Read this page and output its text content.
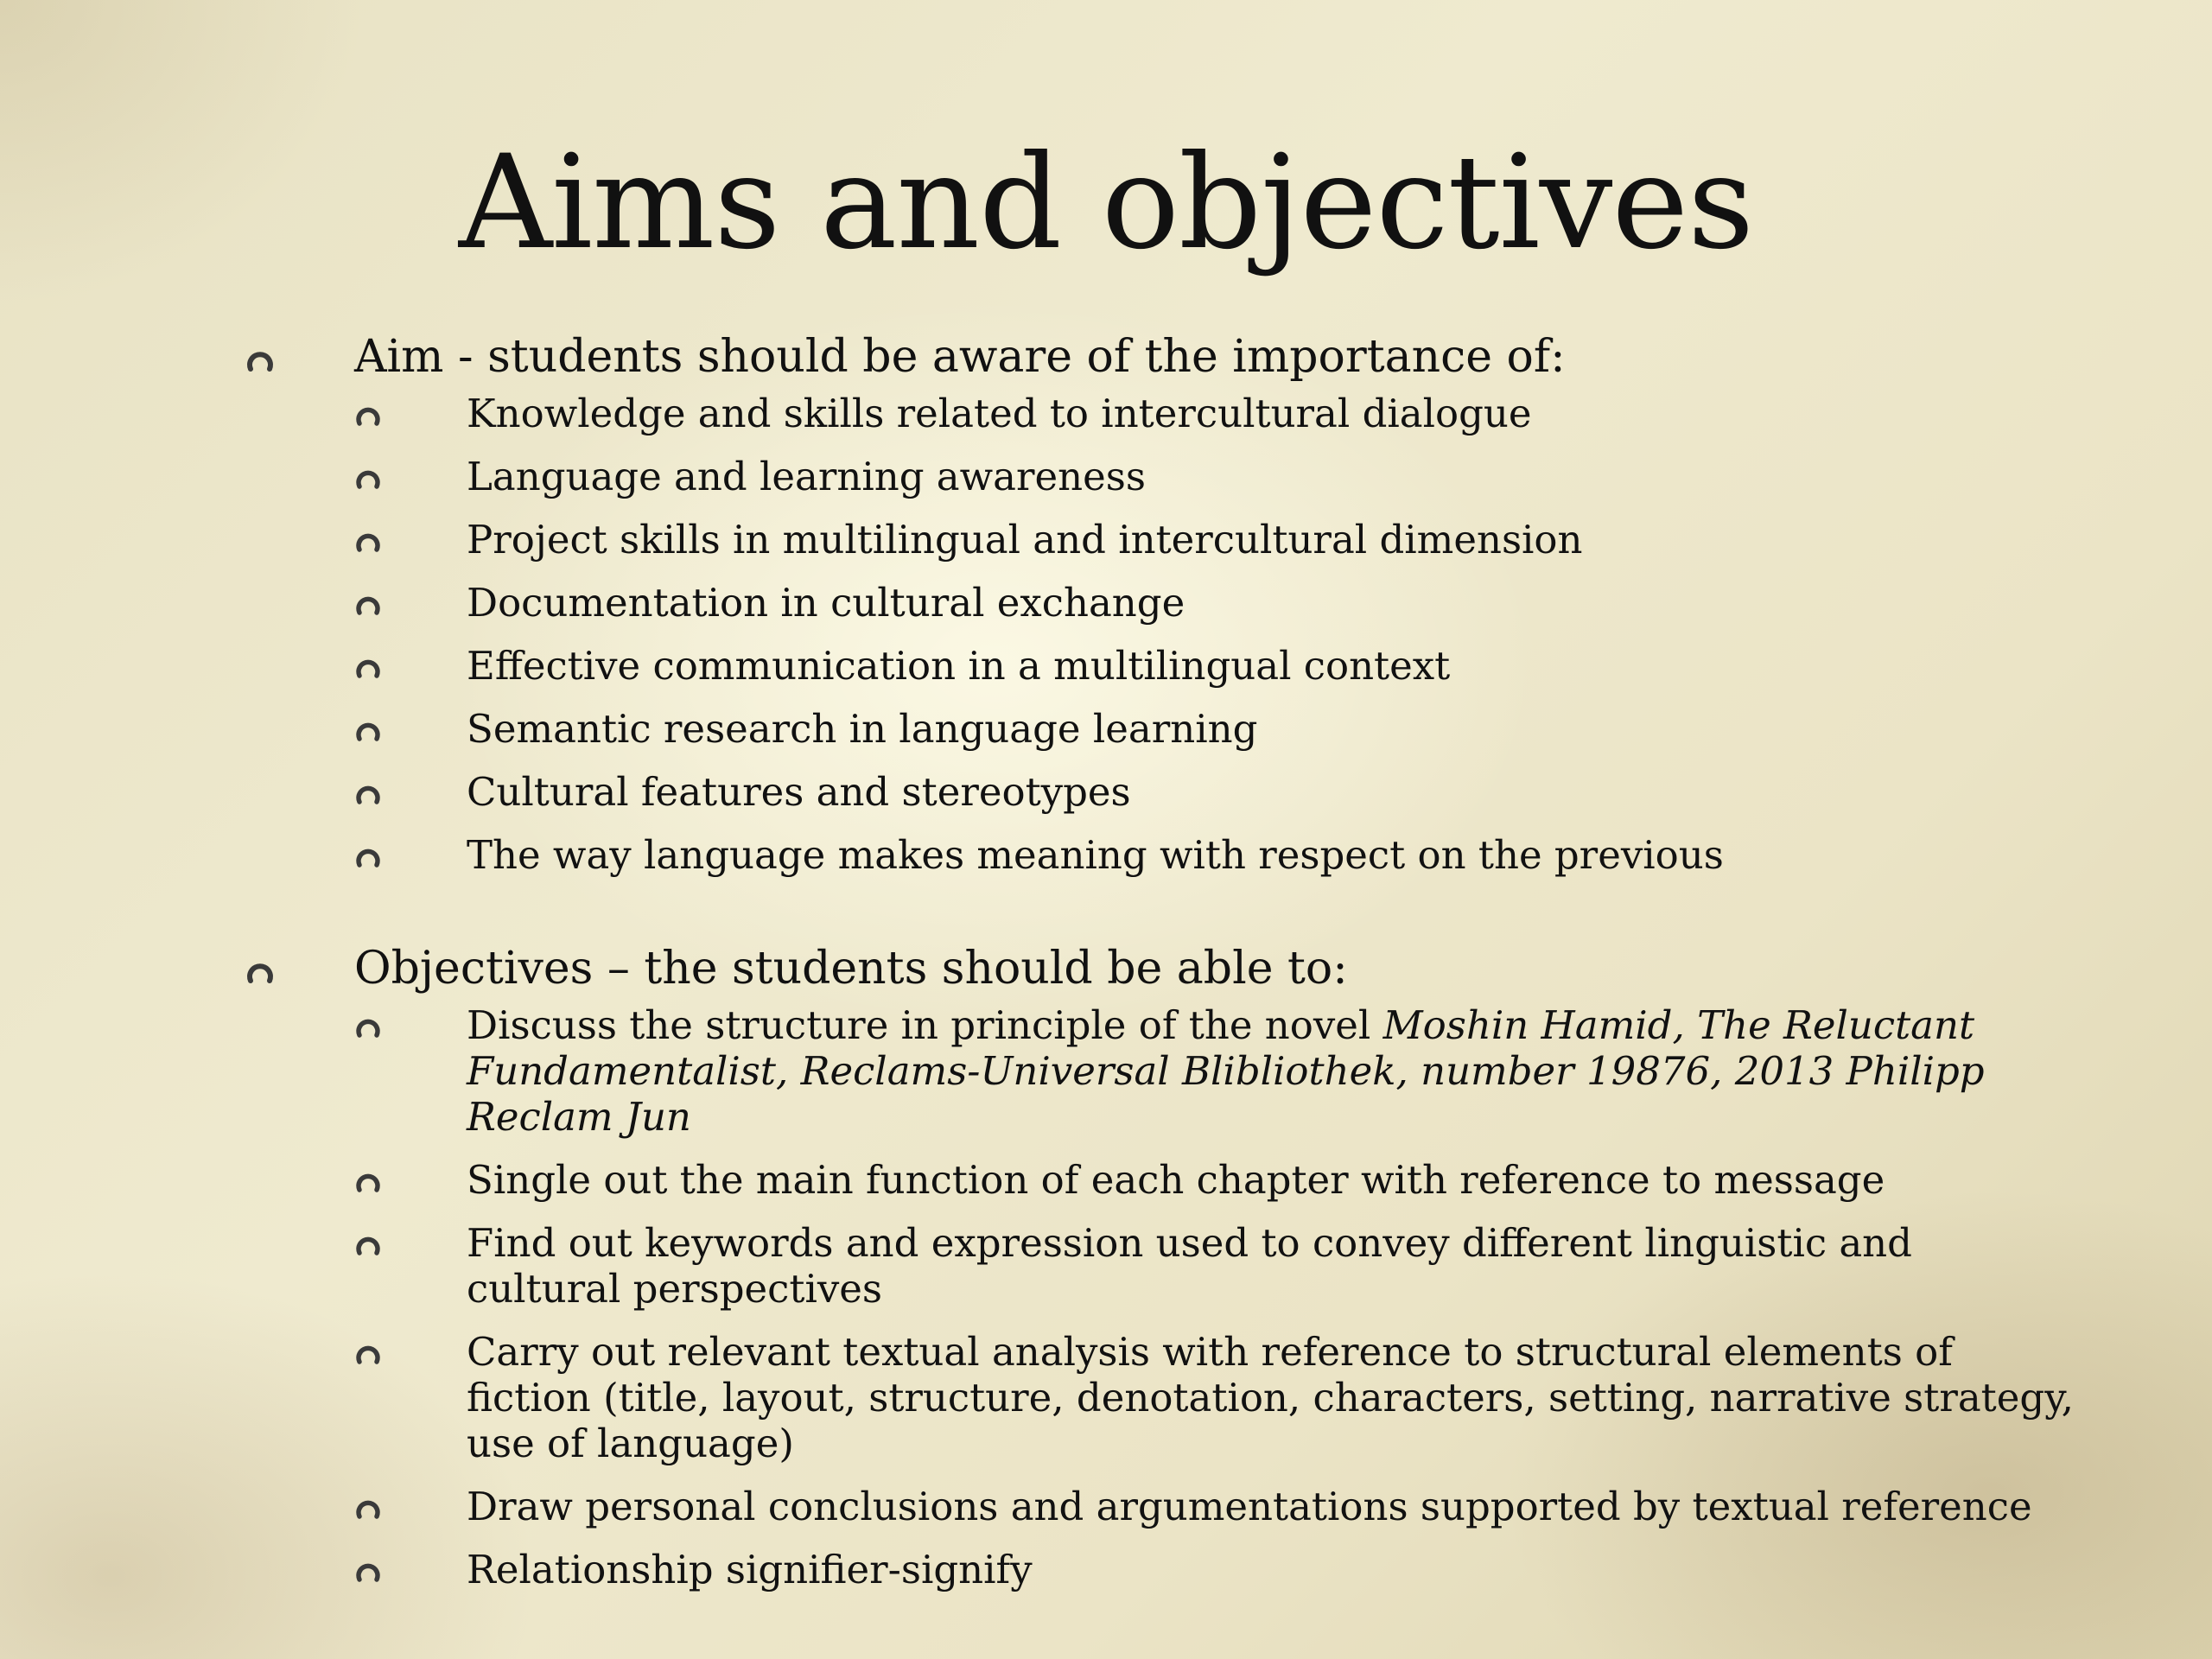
Aims and objectives
Aim - students should be aware of the importance of:
Knowledge and skills related to intercultural dialogue
Language and learning awareness
Project skills in multilingual and intercultural dimension
Documentation in cultural exchange
Effective communication in a multilingual context
Semantic research in language learning
Cultural features and stereotypes
The way language makes meaning with respect on the previous
Objectives – the students should be able to:
Discuss the structure in principle of the novel Moshin Hamid, The Reluctant Fundamentalist, Reclams-Universal Blibliothek, number 19876, 2013 Philipp Reclam Jun
Single out the main function of each chapter with reference to message
Find out keywords and expression used to convey different linguistic and cultural perspectives
Carry out relevant textual analysis with reference to structural elements of fiction (title, layout, structure, denotation, characters, setting, narrative strategy, use of language)
Draw personal conclusions and argumentations supported by textual reference
Relationship signifier-signify
